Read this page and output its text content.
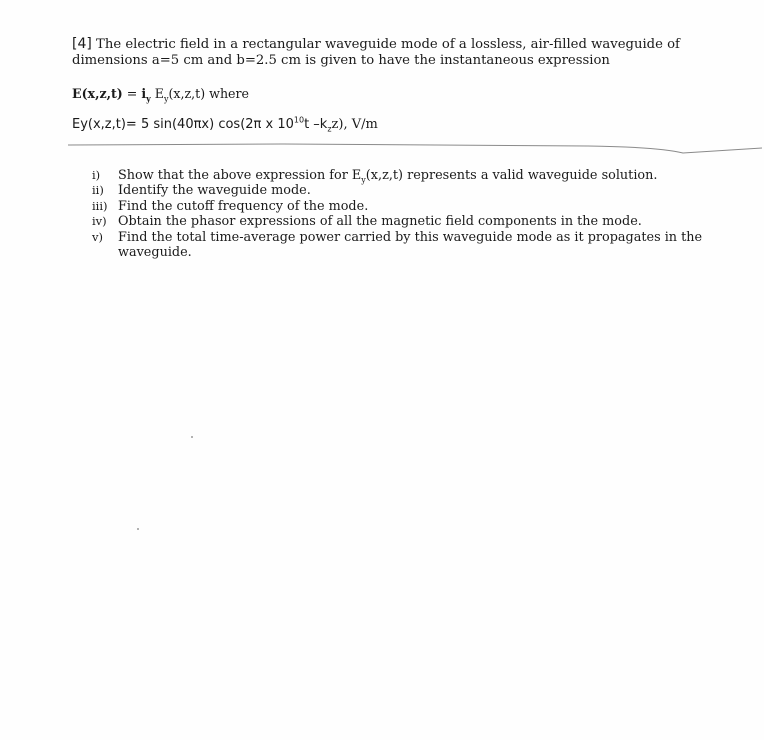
[4] The electric field in a rectangular waveguide mode of a lossless, air-filled waveguide of dimensions a=5 cm and b=2.5 cm is given to have the instantaneous expression
$E(x,z,t) = i_y$ $E_y(x,z,t)$ where
Ey(x,z,t)= 5 sin(40πx) cos(2π x $10^{10}t$ $-k_zz$), V/m
i)	Show that the above expression for $E_y(x,z,t)$ represents a valid waveguide solution.
ii)	Identify the waveguide mode.
iii) Find the cutoff frequency of the mode.
iv) Obtain the phasor expressions of all the magnetic field components in the mode.
v)	Find the total time-average power carried by this waveguide mode as it propagates in the waveguide.
